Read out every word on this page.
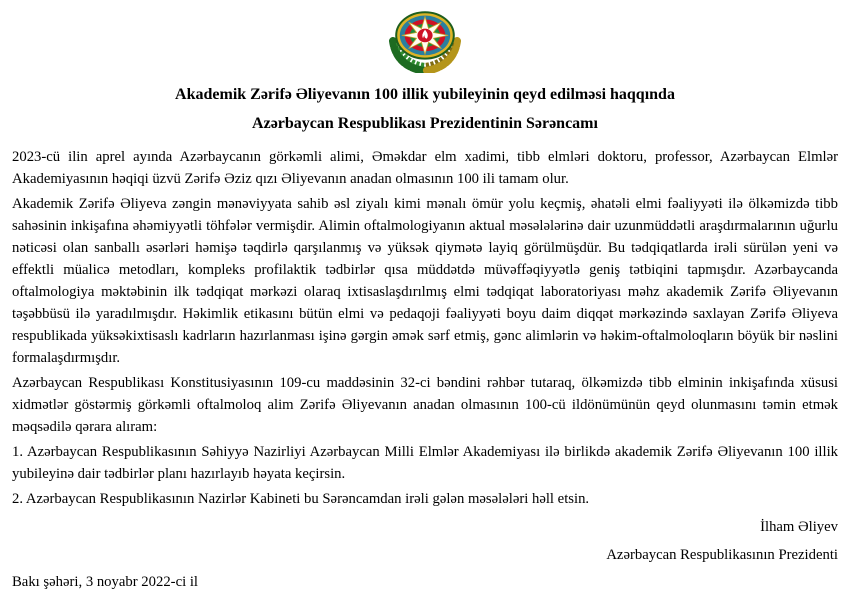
Akademik Zərifə Əliyevanın 100 illik yubileyinin qeyd edilməsi haqqında
Azərbaycan Respublikası Prezidentinin Sərəncamı

2023-cü ilin aprel ayında Azərbaycanın görkəmli alimi, Əməkdar elm xadimi, tibb elmləri doktoru, professor, Azərbaycan Elmlər Akademiyasının həqiqi üzvü Zərifə Əziz qızı Əliyevanın anadan olmasının 100 ili tamam olur.

Akademik Zərifə Əliyeva zəngin mənəviyyata sahib əsl ziyalı kimi mənalı ömür yolu keçmiş, əhatəli elmi fəaliyyəti ilə ölkəmizdə tibb sahəsinin inkişafına əhəmiyyətli töhfələr vermişdir. Alimin oftalmologiyanın aktual məsələlərinə dair uzunmüddətli araşdırmalarının uğurlu nəticəsi olan sanballı əsərləri həmişə təqdirlə qarşılanmış və yüksək qiymətə layiq görülmüşdür. Bu tədqiqatlarda irəli sürülən yeni və effektli müalicə metodları, kompleks profilaktik tədbirlər qısa müddətdə müvəffəqiyyətlə geniş tətbiqini tapmışdır. Azərbaycanda oftalmologiya məktəbinin ilk tədqiqat mərkəzi olaraq ixtisaslaşdırılmış elmi tədqiqat laboratoriyası məhz akademik Zərifə Əliyevanın təşəbbüsü ilə yaradılmışdır. Həkimlik etikasını bütün elmi və pedaqoji fəaliyyəti boyu daim diqqət mərkəzində saxlayan Zərifə Əliyeva respublikada yüksəkixtisaslı kadrların hazırlanması işinə gərgin əmək sərf etmiş, gənc alimlərin və həkim-oftalmoloqların böyük bir nəslini formalaşdırmışdır.

Azərbaycan Respublikası Konstitusiyasının 109-cu maddəsinin 32-ci bəndini rəhbər tutaraq, ölkəmizdə tibb elminin inkişafında xüsusi xidmətlər göstərmiş görkəmli oftalmoloq alim Zərifə Əliyevanın anadan olmasının 100-cü ildönümünün qeyd olunmasını təmin etmək məqsədilə qərara alıram:

1. Azərbaycan Respublikasının Səhiyyə Nazirliyi Azərbaycan Milli Elmlər Akademiyası ilə birlikdə akademik Zərifə Əliyevanın 100 illik yubileyinə dair tədbirlər planı hazırlayıb həyata keçirsin.

2. Azərbaycan Respublikasının Nazirlər Kabineti bu Sərəncamdan irəli gələn məsələləri həll etsin.

İlham Əliyev

Azərbaycan Respublikasının Prezidenti

Bakı şəhəri, 3 noyabr 2022-ci il
